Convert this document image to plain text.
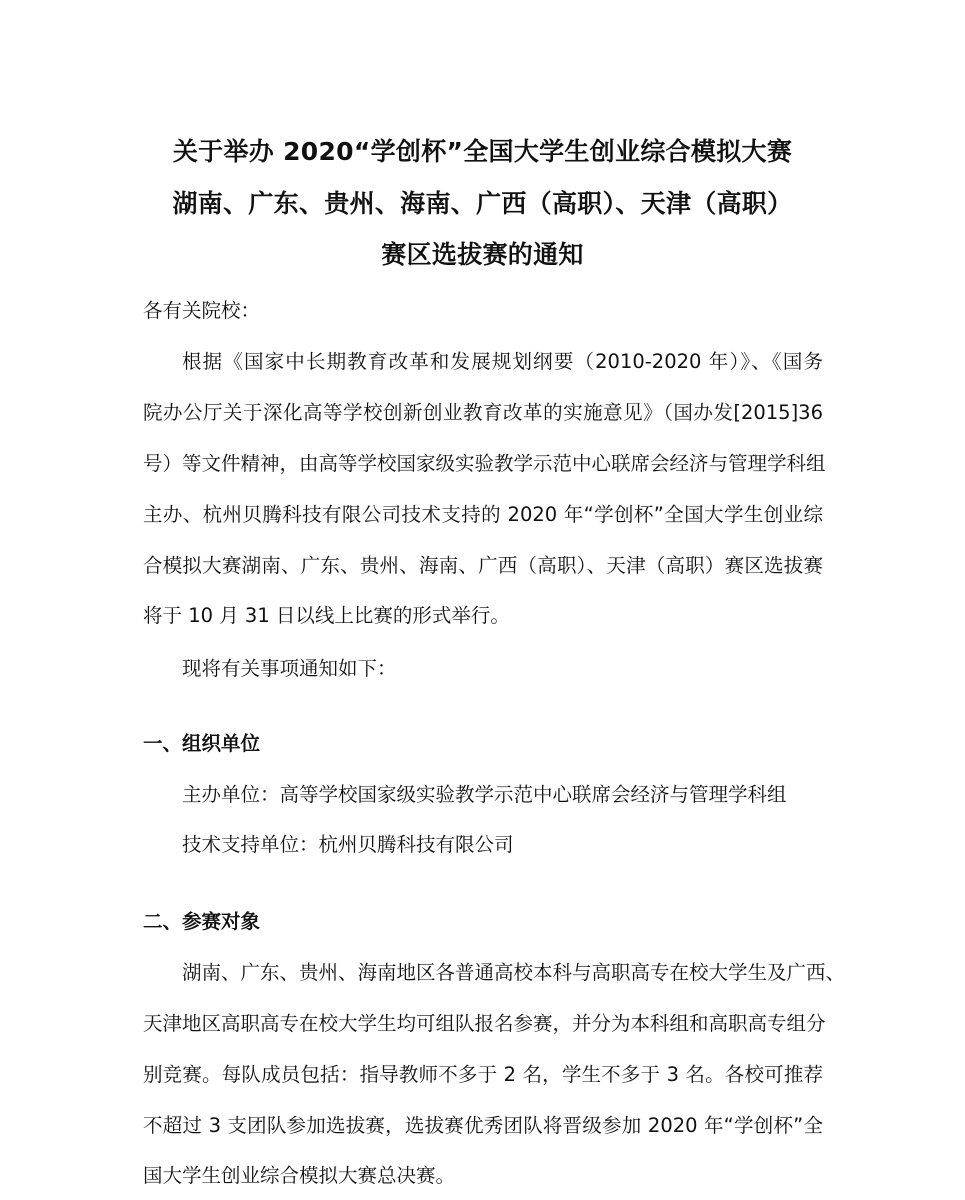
关于举办 2020“学创杯”全国大学生创业综合模拟大赛
湖南、广东、贵州、海南、广西（高职）、天津（高职）
赛区选拔赛的通知
各有关院校：
根据《国家中长期教育改革和发展规划纲要（2010-2020 年）》、《国务
院办公厅关于深化高等学校创新创业教育改革的实施意见》（国办发[2015]36
号）等文件精神，由高等学校国家级实验教学示范中心联席会经济与管理学科组
主办、杭州贝腾科技有限公司技术支持的 2020 年“学创杯”全国大学生创业综
合模拟大赛湖南、广东、贵州、海南、广西（高职）、天津（高职）赛区选拔赛
将于 10 月 31 日以线上比赛的形式举行。
现将有关事项通知如下：
一、组织单位
主办单位：高等学校国家级实验教学示范中心联席会经济与管理学科组
技术支持单位：杭州贝腾科技有限公司
二、参赛对象
湖南、广东、贵州、海南地区各普通高校本科与高职高专在校大学生及广西、
天津地区高职高专在校大学生均可组队报名参赛，并分为本科组和高职高专组分
别竞赛。每队成员包括：指导教师不多于 2 名，学生不多于 3 名。各校可推荐
不超过 3 支团队参加选拔赛，选拔赛优秀团队将晋级参加 2020 年“学创杯”全
国大学生创业综合模拟大赛总决赛。
